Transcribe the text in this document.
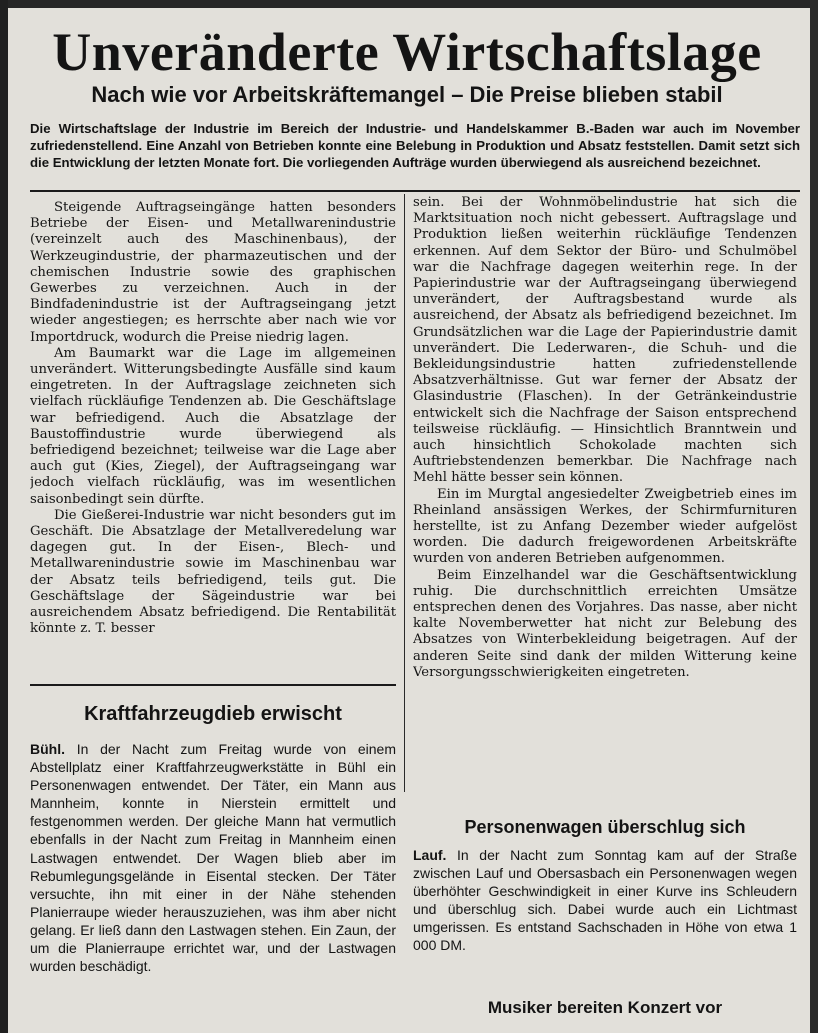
Unveränderte Wirtschaftslage
Nach wie vor Arbeitskräftemangel – Die Preise blieben stabil

Die Wirtschaftslage der Industrie im Bereich der Industrie- und Handelskammer B.-Baden war auch im November zufriedenstellend. Eine Anzahl von Betrieben konnte eine Belebung in Produktion und Absatz feststellen. Damit setzt sich die Entwicklung der letzten Monate fort. Die vorliegenden Aufträge wurden überwiegend als ausreichend bezeichnet.

Steigende Auftragseingänge hatten besonders Betriebe der Eisen- und Metallwarenindustrie (vereinzelt auch des Maschinenbaus), der Werkzeugindustrie, der pharmazeutischen und der chemischen Industrie sowie des graphischen Gewerbes zu verzeichnen. Auch in der Bindfadenindustrie ist der Auftragseingang jetzt wieder angestiegen; es herrschte aber nach wie vor Importdruck, wodurch die Preise niedrig lagen.

Am Baumarkt war die Lage im allgemeinen unverändert. Witterungsbedingte Ausfälle sind kaum eingetreten. In der Auftragslage zeichneten sich vielfach rückläufige Tendenzen ab. Die Geschäftslage war befriedigend. Auch die Absatzlage der Baustoffindustrie wurde überwiegend als befriedigend bezeichnet; teilweise war die Lage aber auch gut (Kies, Ziegel), der Auftragseingang war jedoch vielfach rückläufig, was im wesentlichen saisonbedingt sein dürfte.

Die Gießerei-Industrie war nicht besonders gut im Geschäft. Die Absatzlage der Metallveredelung war dagegen gut. In der Eisen-, Blech- und Metallwarenindustrie sowie im Maschinenbau war der Absatz teils befriedigend, teils gut. Die Geschäftslage der Sägeindustrie war bei ausreichendem Absatz befriedigend. Die Rentabilität könnte z. T. besser

sein. Bei der Wohnmöbelindustrie hat sich die Marktsituation noch nicht gebessert. Auftragslage und Produktion ließen weiterhin rückläufige Tendenzen erkennen. Auf dem Sektor der Büro- und Schulmöbel war die Nachfrage dagegen weiterhin rege. In der Papierindustrie war der Auftragseingang überwiegend unverändert, der Auftragsbestand wurde als ausreichend, der Absatz als befriedigend bezeichnet. Im Grundsätzlichen war die Lage der Papierindustrie damit unverändert. Die Lederwaren-, die Schuh- und die Bekleidungsindustrie hatten zufriedenstellende Absatzverhältnisse. Gut war ferner der Absatz der Glasindustrie (Flaschen). In der Getränkeindustrie entwickelt sich die Nachfrage der Saison entsprechend teilsweise rückläufig. — Hinsichtlich Branntwein und auch hinsichtlich Schokolade machten sich Auftriebstendenzen bemerkbar. Die Nachfrage nach Mehl hätte besser sein können.

Ein im Murgtal angesiedelter Zweigbetrieb eines im Rheinland ansässigen Werkes, der Schirmfurnituren herstellte, ist zu Anfang Dezember wieder aufgelöst worden. Die dadurch freigewordenen Arbeitskräfte wurden von anderen Betrieben aufgenommen.

Beim Einzelhandel war die Geschäftsentwicklung ruhig. Die durchschnittlich erreichten Umsätze entsprechen denen des Vorjahres. Das nasse, aber nicht kalte Novemberwetter hat nicht zur Belebung des Absatzes von Winterbekleidung beigetragen. Auf der anderen Seite sind dank der milden Witterung keine Versorgungsschwierigkeiten eingetreten.

Kraftfahrzeugdieb erwischt
Bühl. In der Nacht zum Freitag wurde von einem Abstellplatz einer Kraftfahrzeugwerkstätte in Bühl ein Personenwagen entwendet. Der Täter, ein Mann aus Mannheim, konnte in Nierstein ermittelt und festgenommen werden. Der gleiche Mann hat vermutlich ebenfalls in der Nacht zum Freitag in Mannheim einen Lastwagen entwendet. Der Wagen blieb aber im Rebumlegungsgelände in Eisental stecken. Der Täter versuchte, ihn mit einer in der Nähe stehenden Planierraupe wieder herauszuziehen, was ihm aber nicht gelang. Er ließ dann den Lastwagen stehen. Ein Zaun, der um die Planierraupe errichtet war, und der Lastwagen wurden beschädigt.
Personenwagen überschlug sich
Lauf. In der Nacht zum Sonntag kam auf der Straße zwischen Lauf und Obersasbach ein Personenwagen wegen überhöhter Geschwindigkeit in einer Kurve ins Schleudern und überschlug sich. Dabei wurde auch ein Lichtmast umgerissen. Es entstand Sachschaden in Höhe von etwa 1 000 DM.
Musiker bereiten Konzert vor
